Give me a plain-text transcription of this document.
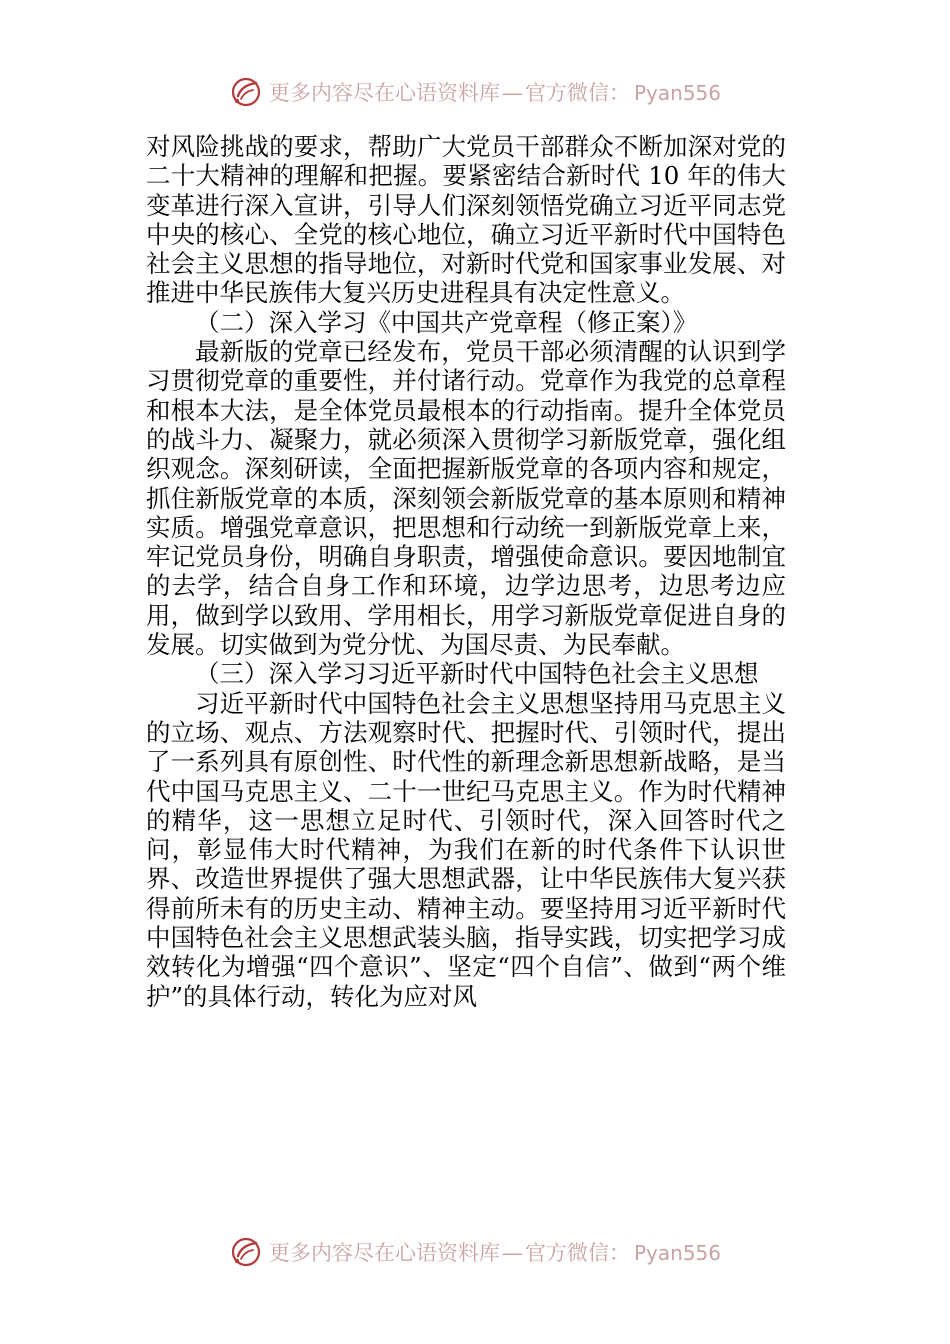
更多内容尽在心语资料库 — 官方微信： Pyan556

对风险挑战的要求，帮助广大党员干部群众不断加深对党的二十大精神的理解和把握。要紧密结合新时代 10 年的伟大变革进行深入宣讲，引导人们深刻领悟党确立习近平同志党中央的核心、全党的核心地位，确立习近平新时代中国特色社会主义思想的指导地位，对新时代党和国家事业发展、对推进中华民族伟大复兴历史进程具有决定性意义。

（二）深入学习《中国共产党章程（修正案）》

最新版的党章已经发布，党员干部必须清醒的认识到学习贯彻党章的重要性，并付诸行动。党章作为我党的总章程和根本大法，是全体党员最根本的行动指南。提升全体党员的战斗力、凝聚力，就必须深入贯彻学习新版党章，强化组织观念。深刻研读，全面把握新版党章的各项内容和规定，抓住新版党章的本质，深刻领会新版党章的基本原则和精神实质。增强党章意识，把思想和行动统一到新版党章上来，牢记党员身份，明确自身职责，增强使命意识。要因地制宜的去学，结合自身工作和环境，边学边思考，边思考边应用，做到学以致用、学用相长，用学习新版党章促进自身的发展。切实做到为党分忧、为国尽责、为民奉献。

（三）深入学习习近平新时代中国特色社会主义思想

习近平新时代中国特色社会主义思想坚持用马克思主义的立场、观点、方法观察时代、把握时代、引领时代，提出了一系列具有原创性、时代性的新理念新思想新战略，是当代中国马克思主义、二十一世纪马克思主义。作为时代精神的精华，这一思想立足时代、引领时代，深入回答时代之问，彰显伟大时代精神，为我们在新的时代条件下认识世界、改造世界提供了强大思想武器，让中华民族伟大复兴获得前所未有的历史主动、精神主动。要坚持用习近平新时代中国特色社会主义思想武装头脑，指导实践，切实把学习成效转化为增强“四个意识”、坚定“四个自信”、做到“两个维护”的具体行动，转化为应对风

更多内容尽在心语资料库 — 官方微信： Pyan556
